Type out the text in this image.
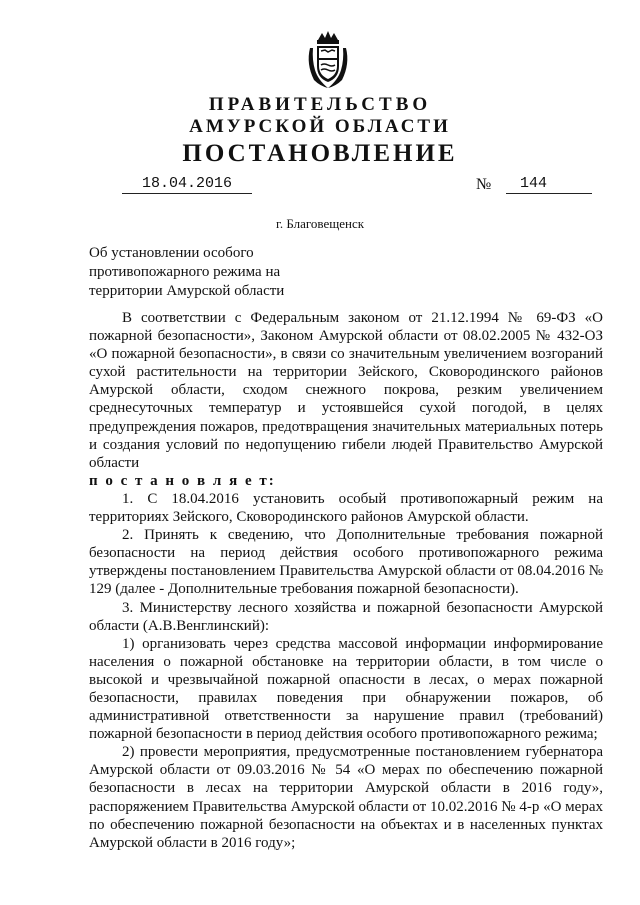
ПРАВИТЕЛЬСТВО
АМУРСКОЙ ОБЛАСТИ
ПОСТАНОВЛЕНИЕ
18.04.2016	№	144
г. Благовещенск
Об установлении особого
противопожарного режима на
территории Амурской области

В соответствии с Федеральным законом от 21.12.1994 № 69-ФЗ «О пожарной безопасности», Законом Амурской области от 08.02.2005 № 432-ОЗ «О пожарной безопасности», в связи со значительным увеличением возгораний сухой растительности на территории Зейского, Сковородинского районов Амурской области, сходом снежного покрова, резким увеличением среднесуточных температур и устоявшейся сухой погодой, в целях предупреждения пожаров, предотвращения значительных материальных потерь и создания условий по недопущению гибели людей Правительство Амурской области

п о с т а н о в л я е т:

1. С 18.04.2016 установить особый противопожарный режим на территориях Зейского, Сковородинского районов Амурской области.

2. Принять к сведению, что Дополнительные требования пожарной безопасности на период действия особого противопожарного режима утверждены постановлением Правительства Амурской области от 08.04.2016 № 129 (далее - Дополнительные требования пожарной безопасности).

3. Министерству лесного хозяйства и пожарной безопасности Амурской области (А.В.Венглинский):

1) организовать через средства массовой информации информирование населения о пожарной обстановке на территории области, в том числе о высокой и чрезвычайной пожарной опасности в лесах, о мерах пожарной безопасности, правилах поведения при обнаружении пожаров, об административной ответственности за нарушение правил (требований) пожарной безопасности в период действия особого противопожарного режима;

2) провести мероприятия, предусмотренные постановлением губернатора Амурской области от 09.03.2016 № 54 «О мерах по обеспечению пожарной безопасности в лесах на территории Амурской области в 2016 году», распоряжением Правительства Амурской области от 10.02.2016 № 4-р «О мерах по обеспечению пожарной безопасности на объектах и в населенных пунктах Амурской области в 2016 году»;
